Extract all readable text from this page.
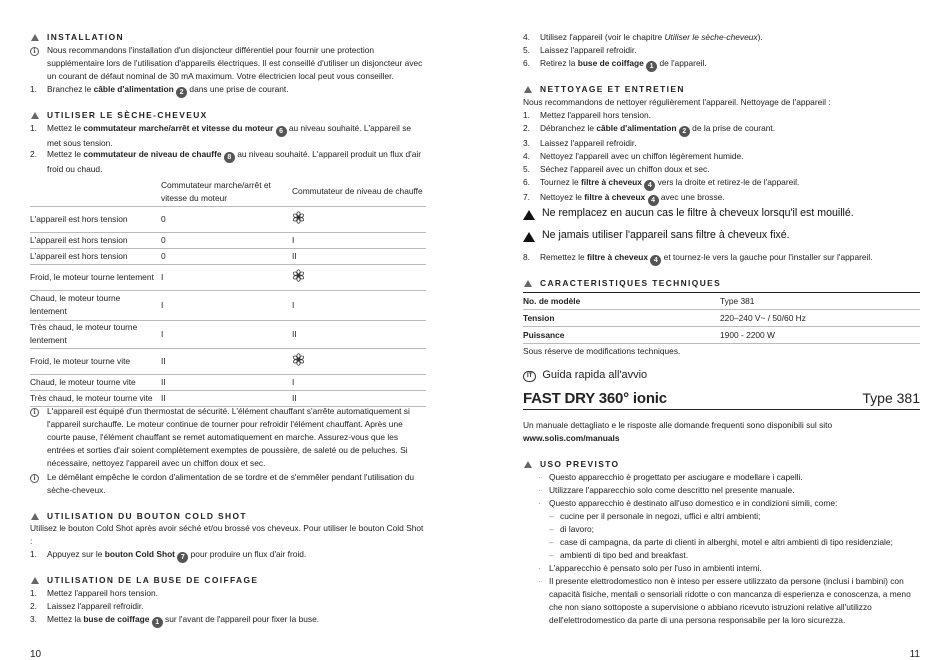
INSTALLATION
i	Nous recommandons l'installation d'un disjoncteur différentiel pour fournir une protection supplémentaire lors de l'utilisation d'appareils électriques. Il est conseillé d'utiliser un disjoncteur avec un courant de défaut nominal de 30 mA maximum. Votre électricien local peut vous conseiller.
1.	Branchez le câble d'alimentation 2 dans une prise de courant.
UTILISER LE SÈCHE-CHEVEUX
1.	Mettez le commutateur marche/arrêt et vitesse du moteur 6 au niveau souhaité. L'appareil se met sous tension.
2.	Mettez le commutateur de niveau de chauffe 8 au niveau souhaité. L'appareil produit un flux d'air froid ou chaud.
	Commutateur marche/arrêt et vitesse du moteur	Commutateur de niveau de chauffe
L'appareil est hors tension	0	
L'appareil est hors tension	0	I
L'appareil est hors tension	0	II
Froid, le moteur tourne lentement	I	
Chaud, le moteur tourne lentement	I	I
Très chaud, le moteur tourne lentement	I	II
Froid, le moteur tourne vite	II	
Chaud, le moteur tourne vite	II	I
Très chaud, le moteur tourne vite	II	II
i	L'appareil est équipé d'un thermostat de sécurité. L'élément chauffant s'arrête automatiquement si l'appareil surchauffe. Le moteur continue de tourner pour refroidir l'élément chauffant. Après une courte pause, l'élément chauffant se remet automatiquement en marche. Assurez-vous que les entrées et sorties d'air soient complètement exemptes de poussière, de saleté ou de peluches. Si nécessaire, nettoyez l'appareil avec un chiffon doux et sec.
i	Le démêlant empêche le cordon d'alimentation de se tordre et de s'emmêler pendant l'utilisation du sèche-cheveux.
UTILISATION DU BOUTON COLD SHOT
Utilisez le bouton Cold Shot après avoir séché et/ou brossé vos cheveux. Pour utiliser le bouton Cold Shot :
1.	Appuyez sur le bouton Cold Shot 7 pour produire un flux d'air froid.
UTILISATION DE LA BUSE DE COIFFAGE
1.	Mettez l'appareil hors tension.
2.	Laissez l'appareil refroidir.
3.	Mettez la buse de coiffage 1 sur l'avant de l'appareil pour fixer la buse.
10
4.	Utilisez l'appareil (voir le chapitre Utiliser le sèche-cheveux).
5.	Laissez l'appareil refroidir.
6.	Retirez la buse de coiffage 1 de l'appareil.
NETTOYAGE ET ENTRETIEN
Nous recommandons de nettoyer régulièrement l'appareil. Nettoyage de l'appareil :
1.	Mettez l'appareil hors tension.
2.	Débranchez le câble d'alimentation 2 de la prise de courant.
3.	Laissez l'appareil refroidir.
4.	Nettoyez l'appareil avec un chiffon légèrement humide.
5.	Séchez l'appareil avec un chiffon doux et sec.
6.	Tournez le filtre à cheveux 4 vers la droite et retirez-le de l'appareil.
7.	Nettoyez le filtre à cheveux 4 avec une brosse.
Ne remplacez en aucun cas le filtre à cheveux lorsqu'il est mouillé.
Ne jamais utiliser l'appareil sans filtre à cheveux fixé.
8.	Remettez le filtre à cheveux 4 et tournez-le vers la gauche pour l'installer sur l'appareil.
CARACTERISTIQUES TECHNIQUES
No. de modèle	Type 381
Tension	220–240 V~ / 50/60 Hz
Puissance	1900 - 2200 W
Sous réserve de modifications techniques.
IT Guida rapida all'avvio
FAST DRY 360° ionic	Type 381
Un manuale dettagliato e le risposte alle domande frequenti sono disponibili sul sito
www.solis.com/manuals
USO PREVISTO
· Questo apparecchio è progettato per asciugare e modellare i capelli.
· Utilizzare l'apparecchio solo come descritto nel presente manuale.
· Questo apparecchio è destinato all'uso domestico e in condizioni simili, come:
– cucine per il personale in negozi, uffici e altri ambienti;
– di lavoro;
– case di campagna, da parte di clienti in alberghi, motel e altri ambienti di tipo residenziale;
– ambienti di tipo bed and breakfast.
· L'apparecchio è pensato solo per l'uso in ambienti interni.
· Il presente elettrodomestico non è inteso per essere utilizzato da persone (inclusi i bambini) con capacità fisiche, mentali o sensoriali ridotte o con mancanza di esperienza e conoscenza, a meno che non siano sottoposte a supervisione o abbiano ricevuto istruzioni relative all'utilizzo dell'elettrodomestico da parte di una persona responsabile per la loro sicurezza.
11
